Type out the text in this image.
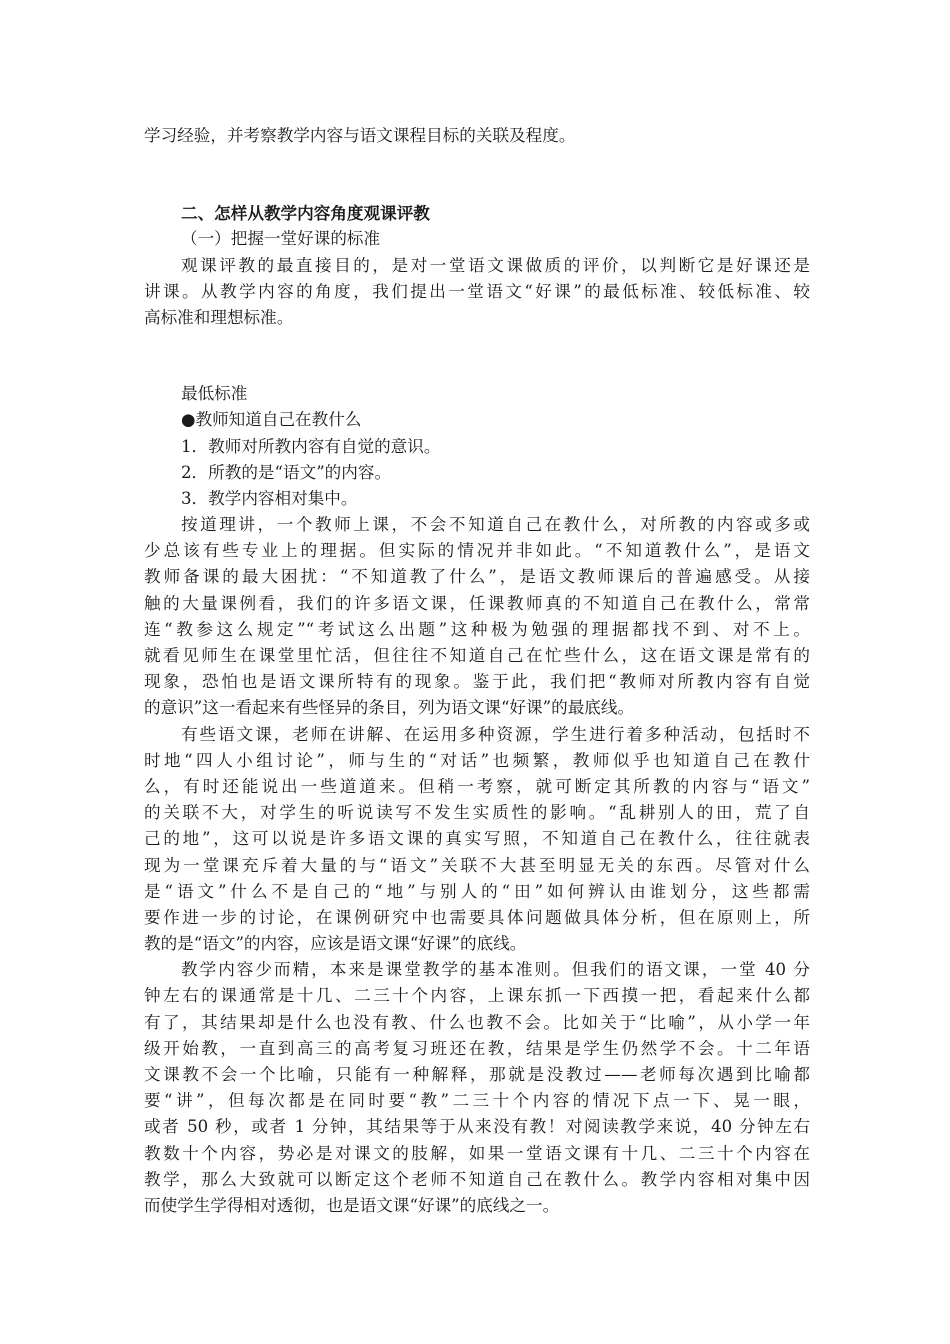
学习经验，并考察教学内容与语文课程目标的关联及程度。
二、怎样从教学内容角度观课评教
（一）把握一堂好课的标准
观课评教的最直接目的，是对一堂语文课做质的评价，以判断它是好课还是
讲课。从教学内容的角度，我们提出一堂语文“好课”的最低标准、较低标准、较
高标准和理想标准。
最低标准
●教师知道自己在教什么
1．教师对所教内容有自觉的意识。
2．所教的是“语文”的内容。
3．教学内容相对集中。
按道理讲，一个教师上课，不会不知道自己在教什么，对所教的内容或多或
少总该有些专业上的理据。但实际的情况并非如此。“不知道教什么”，是语文
教师备课的最大困扰：“不知道教了什么”，是语文教师课后的普遍感受。从接
触的大量课例看，我们的许多语文课，任课教师真的不知道自己在教什么，常常
连“教参这么规定”“考试这么出题”这种极为勉强的理据都找不到、对不上。
就看见师生在课堂里忙活，但往往不知道自己在忙些什么，这在语文课是常有的
现象，恐怕也是语文课所特有的现象。鉴于此，我们把“教师对所教内容有自觉
的意识”这一看起来有些怪异的条目，列为语文课“好课”的最底线。
有些语文课，老师在讲解、在运用多种资源，学生进行着多种活动，包括时不
时地“四人小组讨论”，师与生的“对话”也频繁，教师似乎也知道自己在教什
么，有时还能说出一些道道来。但稍一考察，就可断定其所教的内容与“语文”
的关联不大，对学生的听说读写不发生实质性的影响。“乱耕别人的田，荒了自
己的地”，这可以说是许多语文课的真实写照，不知道自己在教什么，往往就表
现为一堂课充斥着大量的与“语文”关联不大甚至明显无关的东西。尽管对什么
是“语文”什么不是自己的“地”与别人的“田”如何辨认由谁划分，这些都需
要作进一步的讨论，在课例研究中也需要具体问题做具体分析，但在原则上，所
教的是“语文”的内容，应该是语文课“好课”的底线。
教学内容少而精，本来是课堂教学的基本准则。但我们的语文课，一堂 40 分
钟左右的课通常是十几、二三十个内容，上课东抓一下西摸一把，看起来什么都
有了，其结果却是什么也没有教、什么也教不会。比如关于“比喻”，从小学一年
级开始教，一直到高三的高考复习班还在教，结果是学生仍然学不会。十二年语
文课教不会一个比喻，只能有一种解释，那就是没教过——老师每次遇到比喻都
要“讲”，但每次都是在同时要“教”二三十个内容的情况下点一下、晃一眼，
或者 50 秒，或者 1 分钟，其结果等于从来没有教！对阅读教学来说，40 分钟左右
教数十个内容，势必是对课文的肢解，如果一堂语文课有十几、二三十个内容在
教学，那么大致就可以断定这个老师不知道自己在教什么。教学内容相对集中因
而使学生学得相对透彻，也是语文课“好课”的底线之一。
